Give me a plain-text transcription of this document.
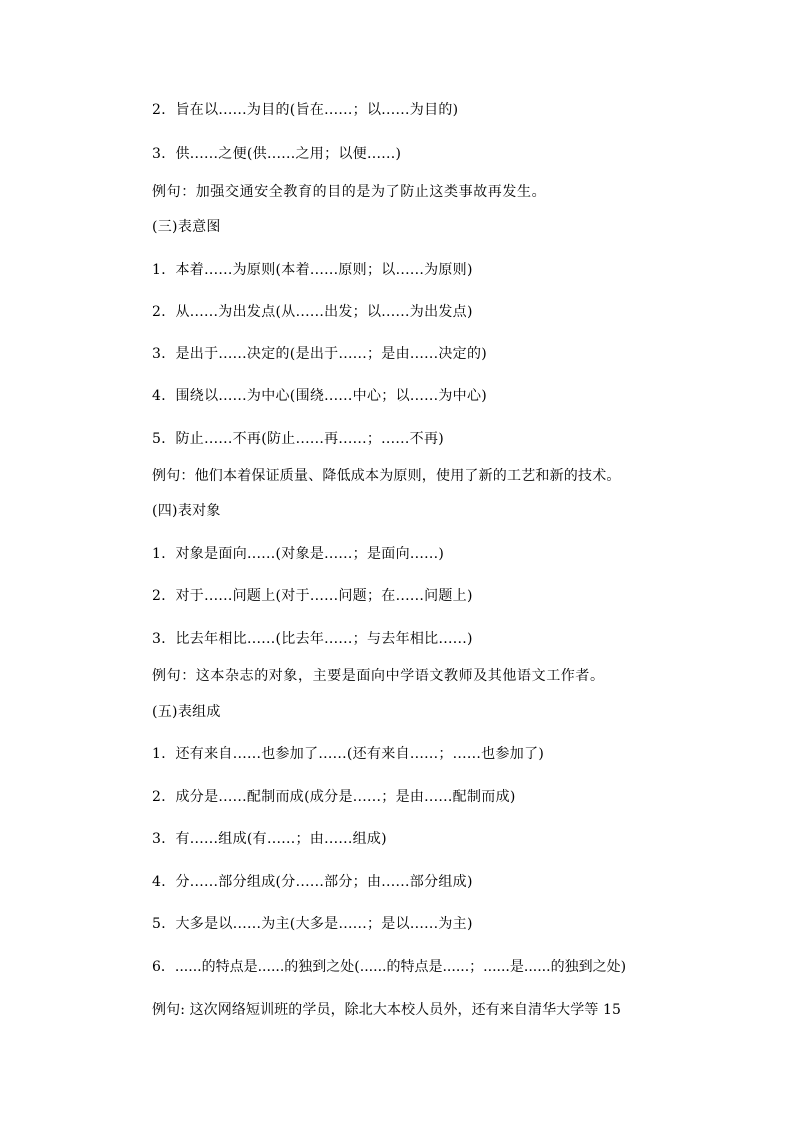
2．旨在以......为目的(旨在......；以......为目的)
3．供......之便(供......之用；以便......)
例句：加强交通安全教育的目的是为了防止这类事故再发生。
(三)表意图
1．本着......为原则(本着......原则；以......为原则)
2．从......为出发点(从......出发；以......为出发点)
3．是出于......决定的(是出于......；是由......决定的)
4．围绕以......为中心(围绕......中心；以......为中心)
5．防止......不再(防止......再......；......不再)
例句：他们本着保证质量、降低成本为原则，使用了新的工艺和新的技术。
(四)表对象
1．对象是面向......(对象是......；是面向......)
2．对于......问题上(对于......问题；在......问题上)
3．比去年相比......(比去年......；与去年相比......)
例句：这本杂志的对象，主要是面向中学语文教师及其他语文工作者。
(五)表组成
1．还有来自......也参加了......(还有来自......；......也参加了)
2．成分是......配制而成(成分是......；是由......配制而成)
3．有......组成(有......；由......组成)
4．分......部分组成(分......部分；由......部分组成)
5．大多是以......为主(大多是......；是以......为主)
6．......的特点是......的独到之处(......的特点是......；......是......的独到之处)
例句: 这次网络短训班的学员，除北大本校人员外，还有来自清华大学等 15
